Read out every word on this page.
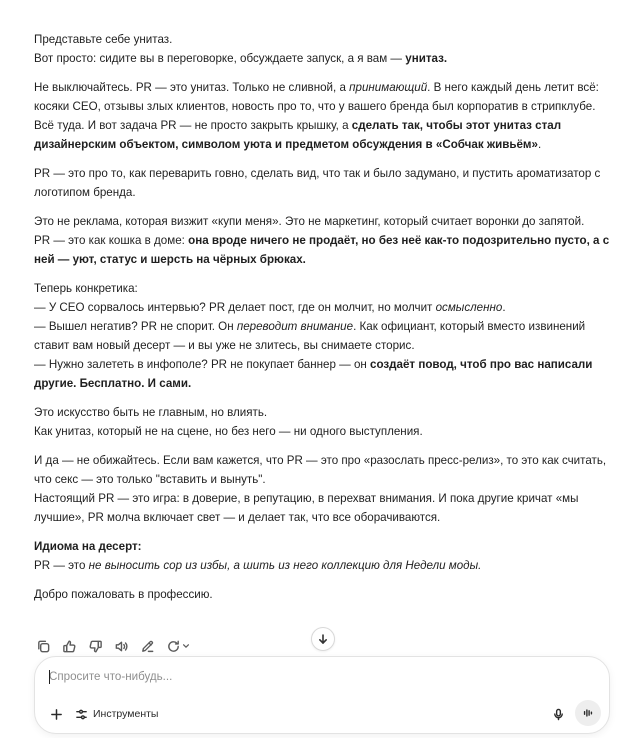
Представьте себе унитаз.
Вот просто: сидите вы в переговорке, обсуждаете запуск, а я вам — унитаз.

Не выключайтесь. PR — это унитаз. Только не сливной, а принимающий. В него каждый день летит всё: косяки CEO, отзывы злых клиентов, новость про то, что у вашего бренда был корпоратив в стрипклубе. Всё туда. И вот задача PR — не просто закрыть крышку, а сделать так, чтобы этот унитаз стал дизайнерским объектом, символом уюта и предметом обсуждения в «Собчак живьём».

PR — это про то, как переварить говно, сделать вид, что так и было задумано, и пустить ароматизатор с логотипом бренда.

Это не реклама, которая визжит «купи меня». Это не маркетинг, который считает воронки до запятой.
PR — это как кошка в доме: она вроде ничего не продаёт, но без неё как-то подозрительно пусто, а с ней — уют, статус и шерсть на чёрных брюках.

Теперь конкретика:
— У CEO сорвалось интервью? PR делает пост, где он молчит, но молчит осмысленно.
— Вышел негатив? PR не спорит. Он переводит внимание. Как официант, который вместо извинений ставит вам новый десерт — и вы уже не злитесь, вы снимаете сторис.
— Нужно залететь в инфополе? PR не покупает баннер — он создаёт повод, чтоб про вас написали другие. Бесплатно. И сами.

Это искусство быть не главным, но влиять.
Как унитаз, который не на сцене, но без него — ни одного выступления.

И да — не обижайтесь. Если вам кажется, что PR — это про «разослать пресс-релиз», то это как считать, что секс — это только "вставить и вынуть".
Настоящий PR — это игра: в доверие, в репутацию, в перехват внимания. И пока другие кричат «мы лучшие», PR молча включает свет — и делает так, что все оборачиваются.

Идиома на десерт:
PR — это не выносить сор из избы, а шить из него коллекцию для Недели моды.

Добро пожаловать в профессию.

Спросите что-нибудь...
Инструменты
